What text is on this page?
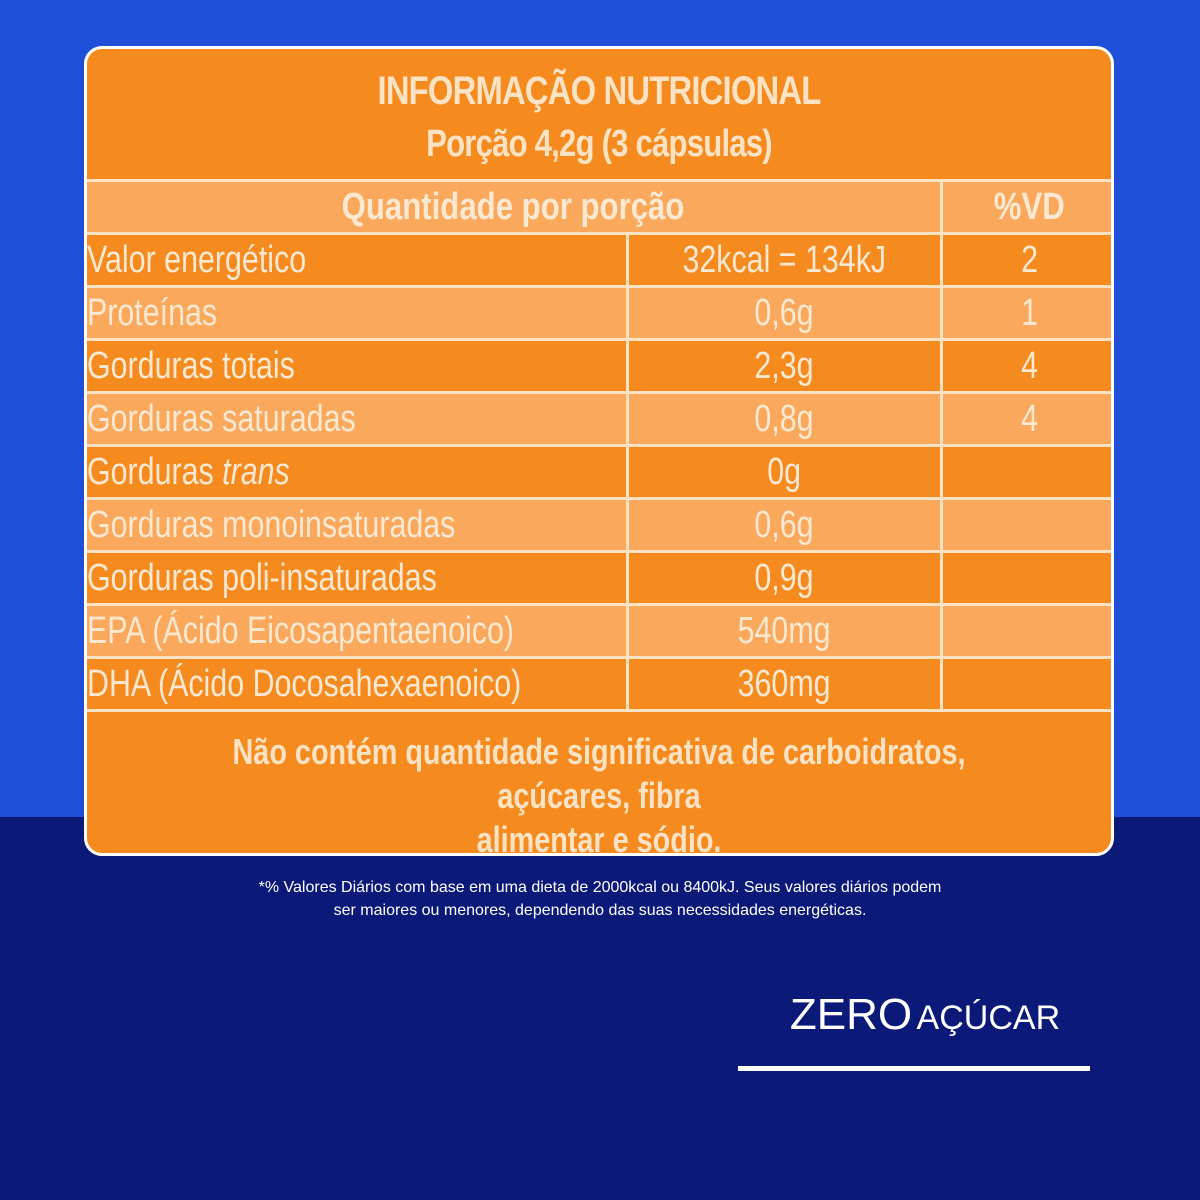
INFORMAÇÃO NUTRICIONAL
Porção 4,2g (3 cápsulas)
Quantidade por porção		%VD
Valor energético	32kcal = 134kJ	2
Proteínas	0,6g	1
Gorduras totais	2,3g	4
Gorduras saturadas	0,8g	4
Gorduras trans	0g	
Gorduras monoinsaturadas	0,6g	
Gorduras poli-insaturadas	0,9g	
EPA (Ácido Eicosapentaenoico)	540mg	
DHA (Ácido Docosahexaenoico)	360mg	
Não contém quantidade significativa de carboidratos, açúcares, fibra
alimentar e sódio.
*% Valores Diários com base em uma dieta de 2000kcal ou 8400kJ. Seus valores diários podem
ser maiores ou menores, dependendo das suas necessidades energéticas.
ZERO AÇÚCAR
